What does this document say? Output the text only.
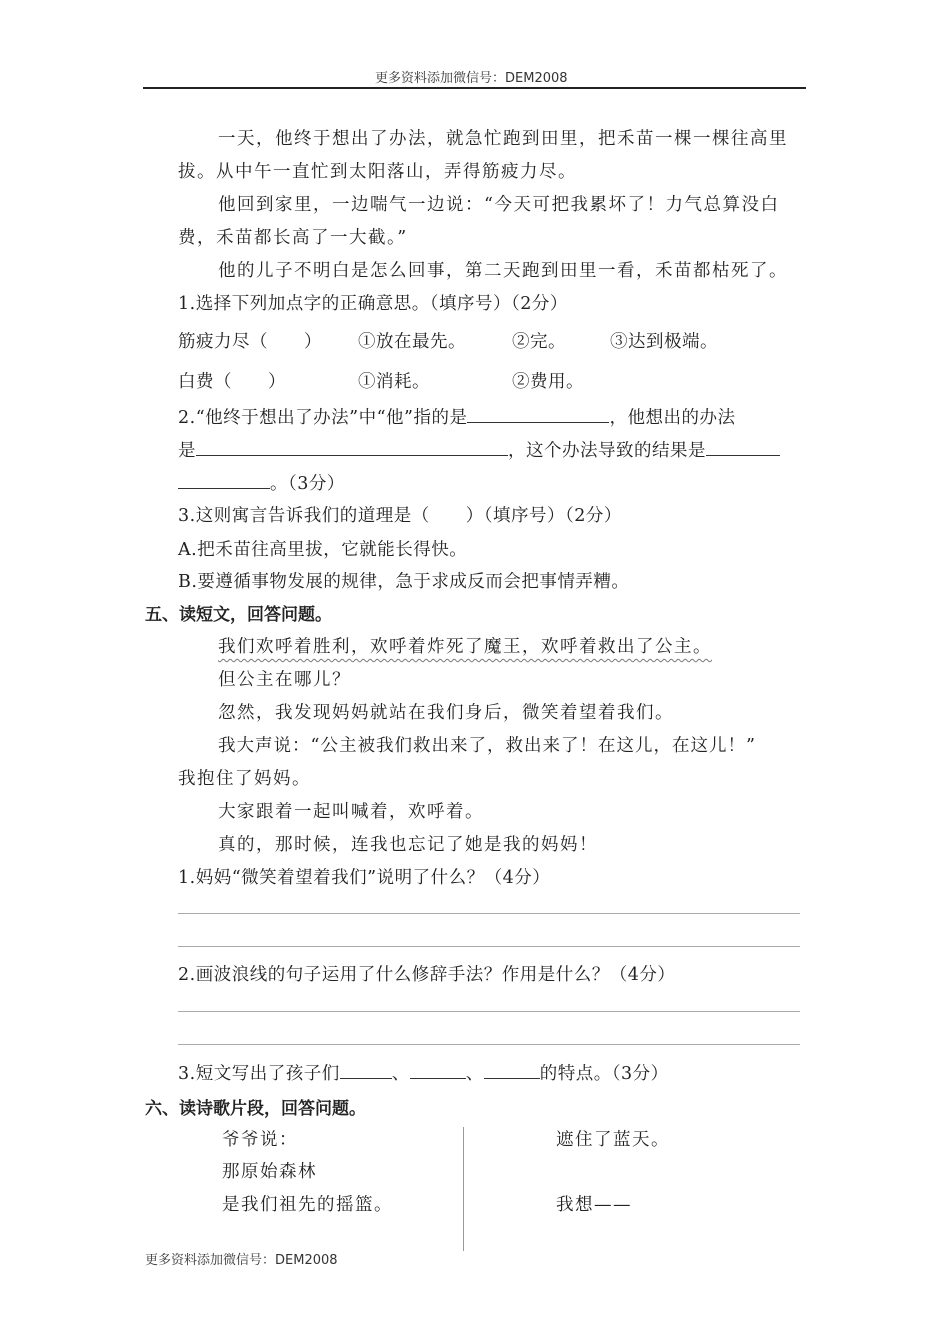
更多资料添加微信号：DEM2008
一天，他终于想出了办法，就急忙跑到田里，把禾苗一棵一棵往高里
拔。从中午一直忙到太阳落山，弄得筋疲力尽。
他回到家里，一边喘气一边说：“今天可把我累坏了！力气总算没白
费，禾苗都长高了一大截。”
他的儿子不明白是怎么回事，第二天跑到田里一看，禾苗都枯死了。
1.选择下列加点字的正确意思。（填序号）（2分）
筋疲力尽（　　） ①放在最先。	②完。	③达到极端。
白费（　　）	①消耗。	②费用。
2.“他终于想出了办法”中“他”指的是	，他想出的办法
是	，这个办法导致的结果是
。（3分）
3.这则寓言告诉我们的道理是（　　）（填序号）（2分）
A.把禾苗往高里拔，它就能长得快。
B.要遵循事物发展的规律，急于求成反而会把事情弄糟。
五、读短文，回答问题。
我们欢呼着胜利，欢呼着炸死了魔王，欢呼着救出了公主。
但公主在哪儿？
忽然，我发现妈妈就站在我们身后，微笑着望着我们。
我大声说：“公主被我们救出来了，救出来了！在这儿，在这儿！”
我抱住了妈妈。
大家跟着一起叫喊着，欢呼着。
真的，那时候，连我也忘记了她是我的妈妈！
1.妈妈“微笑着望着我们”说明了什么？（4分）
2.画波浪线的句子运用了什么修辞手法？作用是什么？（4分）
3.短文写出了孩子们	、	、	的特点。（3分）
六、读诗歌片段，回答问题。
爷爷说：
那原始森林
是我们祖先的摇篮。
遮住了蓝天。
我想——
更多资料添加微信号：DEM2008
